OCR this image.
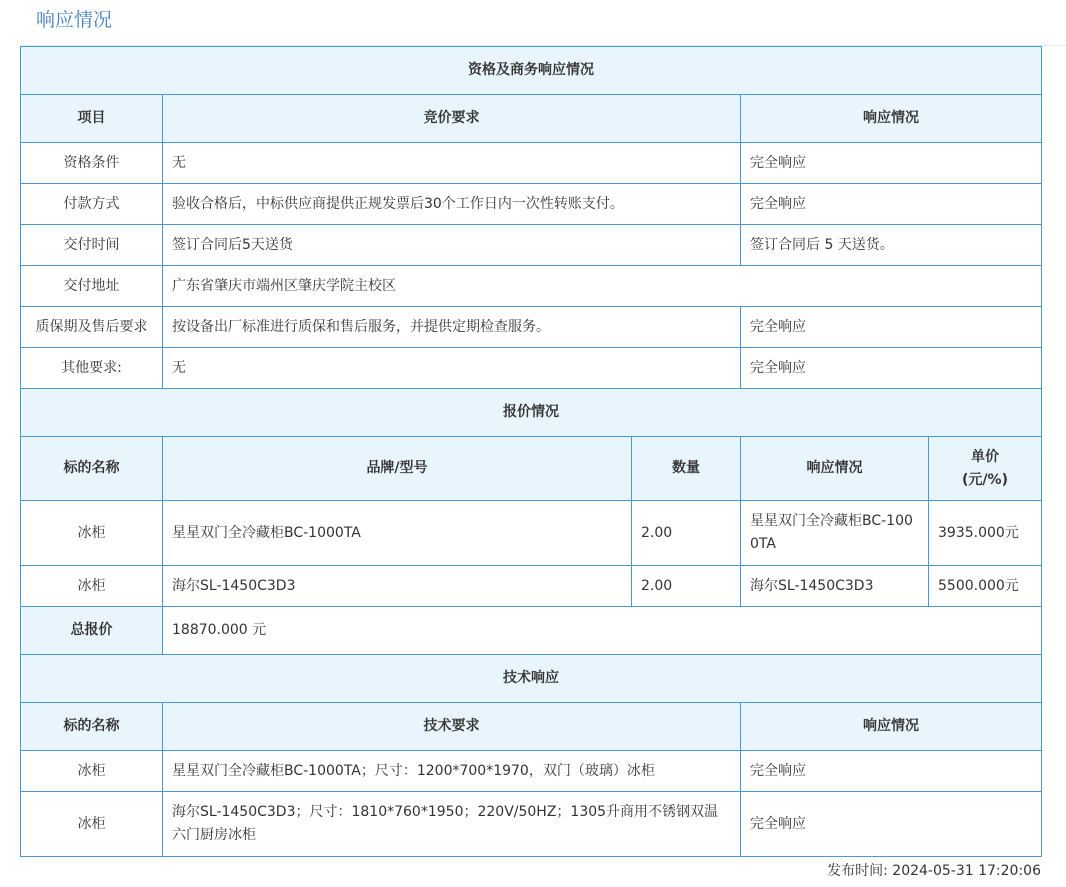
响应情况
资格及商务响应情况				
项目	竞价要求		响应情况	
资格条件	无		完全响应	
付款方式	验收合格后，中标供应商提供正规发票后30个工作日内一次性转账支付。		完全响应	
交付时间	签订合同后5天送货		签订合同后 5 天送货。	
交付地址	广东省肇庆市端州区肇庆学院主校区			
质保期及售后要求	按设备出厂标准进行质保和售后服务，并提供定期检查服务。		完全响应	
其他要求:	无		完全响应	
报价情况				
标的名称	品牌/型号	数量	响应情况	单价
(元/%)
冰柜	星星双门全冷藏柜BC-1000TA	2.00	星星双门全冷藏柜BC-1000TA	3935.000元
冰柜	海尔SL-1450C3D3	2.00	海尔SL-1450C3D3	5500.000元
总报价	18870.000 元			
技术响应				
标的名称	技术要求		响应情况	
冰柜	星星双门全冷藏柜BC-1000TA；尺寸：1200*700*1970，双门（玻璃）冰柜		完全响应	
冰柜	海尔SL-1450C3D3；尺寸：1810*760*1950；220V/50HZ；1305升商用不锈钢双温六门厨房冰柜		完全响应	
发布时间: 2024-05-31 17:20:06
